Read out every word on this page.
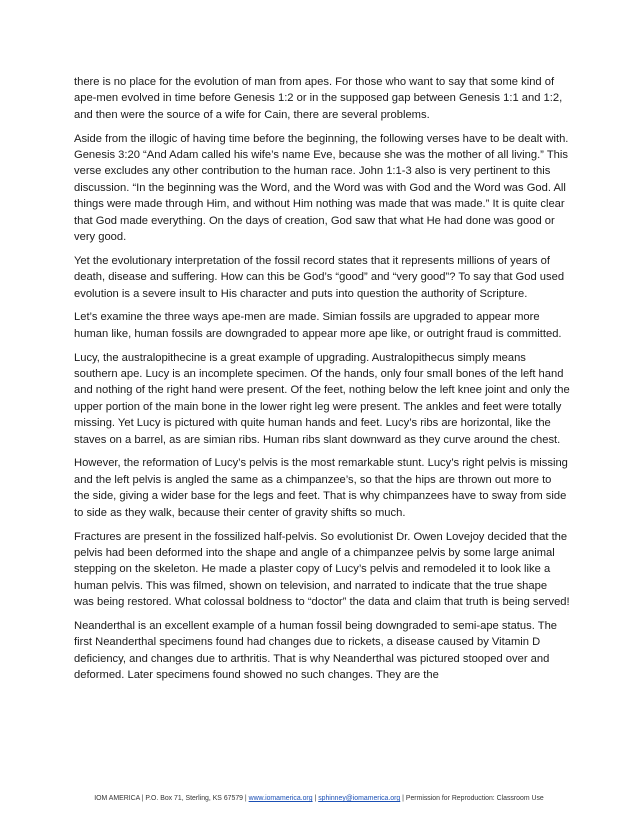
there is no place for the evolution of man from apes. For those who want to say that some kind of ape-men evolved in time before Genesis 1:2 or in the supposed gap between Genesis 1:1 and 1:2, and then were the source of a wife for Cain, there are several problems.

Aside from the illogic of having time before the beginning, the following verses have to be dealt with. Genesis 3:20 “And Adam called his wife’s name Eve, because she was the mother of all living.” This verse excludes any other contribution to the human race. John 1:1-3 also is very pertinent to this discussion. “In the beginning was the Word, and the Word was with God and the Word was God. All things were made through Him, and without Him nothing was made that was made.” It is quite clear that God made everything. On the days of creation, God saw that what He had done was good or very good.

Yet the evolutionary interpretation of the fossil record states that it represents millions of years of death, disease and suffering. How can this be God’s “good” and “very good”? To say that God used evolution is a severe insult to His character and puts into question the authority of Scripture.

Let’s examine the three ways ape-men are made. Simian fossils are upgraded to appear more human like, human fossils are downgraded to appear more ape like, or outright fraud is committed.

Lucy, the australopithecine is a great example of upgrading. Australopithecus simply means southern ape. Lucy is an incomplete specimen. Of the hands, only four small bones of the left hand and nothing of the right hand were present. Of the feet, nothing below the left knee joint and only the upper portion of the main bone in the lower right leg were present. The ankles and feet were totally missing. Yet Lucy is pictured with quite human hands and feet. Lucy’s ribs are horizontal, like the staves on a barrel, as are simian ribs. Human ribs slant downward as they curve around the chest.

However, the reformation of Lucy’s pelvis is the most remarkable stunt. Lucy’s right pelvis is missing and the left pelvis is angled the same as a chimpanzee’s, so that the hips are thrown out more to the side, giving a wider base for the legs and feet. That is why chimpanzees have to sway from side to side as they walk, because their center of gravity shifts so much.

Fractures are present in the fossilized half-pelvis. So evolutionist Dr. Owen Lovejoy decided that the pelvis had been deformed into the shape and angle of a chimpanzee pelvis by some large animal stepping on the skeleton. He made a plaster copy of Lucy’s pelvis and remodeled it to look like a human pelvis. This was filmed, shown on television, and narrated to indicate that the true shape was being restored. What colossal boldness to “doctor” the data and claim that truth is being served!

Neanderthal is an excellent example of a human fossil being downgraded to semi-ape status. The first Neanderthal specimens found had changes due to rickets, a disease caused by Vitamin D deficiency, and changes due to arthritis. That is why Neanderthal was pictured stooped over and deformed. Later specimens found showed no such changes. They are the

IOM AMERICA | P.O. Box 71, Sterling, KS 67579 | www.iomamerica.org | sphinney@iomamerica.org | Permission for Reproduction: Classroom Use
